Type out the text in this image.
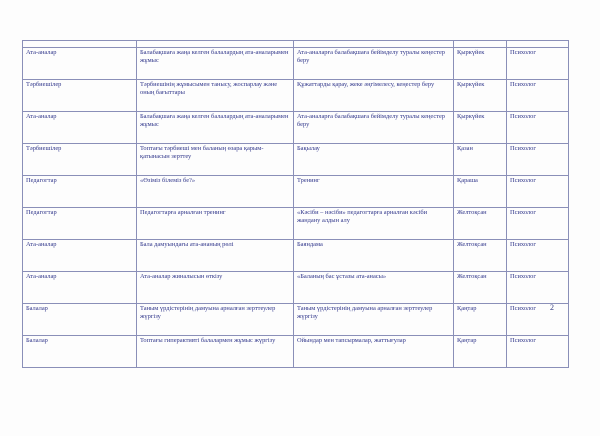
Ата-аналар	Балабақшаға жаңа келген балалардың ата-аналарымен жұмыс	Ата-аналарға балабақшаға бейімделу туралы кеңестер беру	Қыркүйек	Психолог
Тәрбиешілер	Тәрбиешінің жұмысымен танысу, жоспарлау және оның бағыттары	Құжаттарды қарау, жеке әңгімелесу, кеңестер беру	Қыркүйек	Психолог
Ата-аналар	Балабақшаға жаңа келген балалардың ата-аналарымен жұмыс	Ата-аналарға балабақшаға бейімделу туралы кеңестер беру	Қыркүйек	Психолог
Тәрбиешілер	Топтағы тәрбиеші мен баланың өзара қарым-қатынасын зерттеу	Бақылау	Қазан	Психолог
Педагогтар	«Өзіміз білеміз бе?»	Тренинг	Қараша	Психолог
Педагогтар	Педагогтарға арналған тренинг	«Кәсіби – нәсіби» педагогтарға арналған кәсіби жандану алдын алу	Желтоқсан	Психолог
Ата-аналар	Бала дамуындағы ата-ананың рөлі	Баяндама	Желтоқсан	Психолог
Ата-аналар	Ата-аналар жиналысын өткізу	«Баланың бас ұстазы ата-анасы»	Желтоқсан	Психолог
Балалар	Таным үрдістерінің дамуына арналған зерттеулер жүргізу	Таным үрдістерінің дамуына арналған зерттеулер жүргізу	Қаңтар	Психолог
Балалар	Топтағы гиперактивті балалармен жұмыс жүргізу	Ойындар мен тапсырмалар, жаттығулар	Қаңтар	Психолог
2
